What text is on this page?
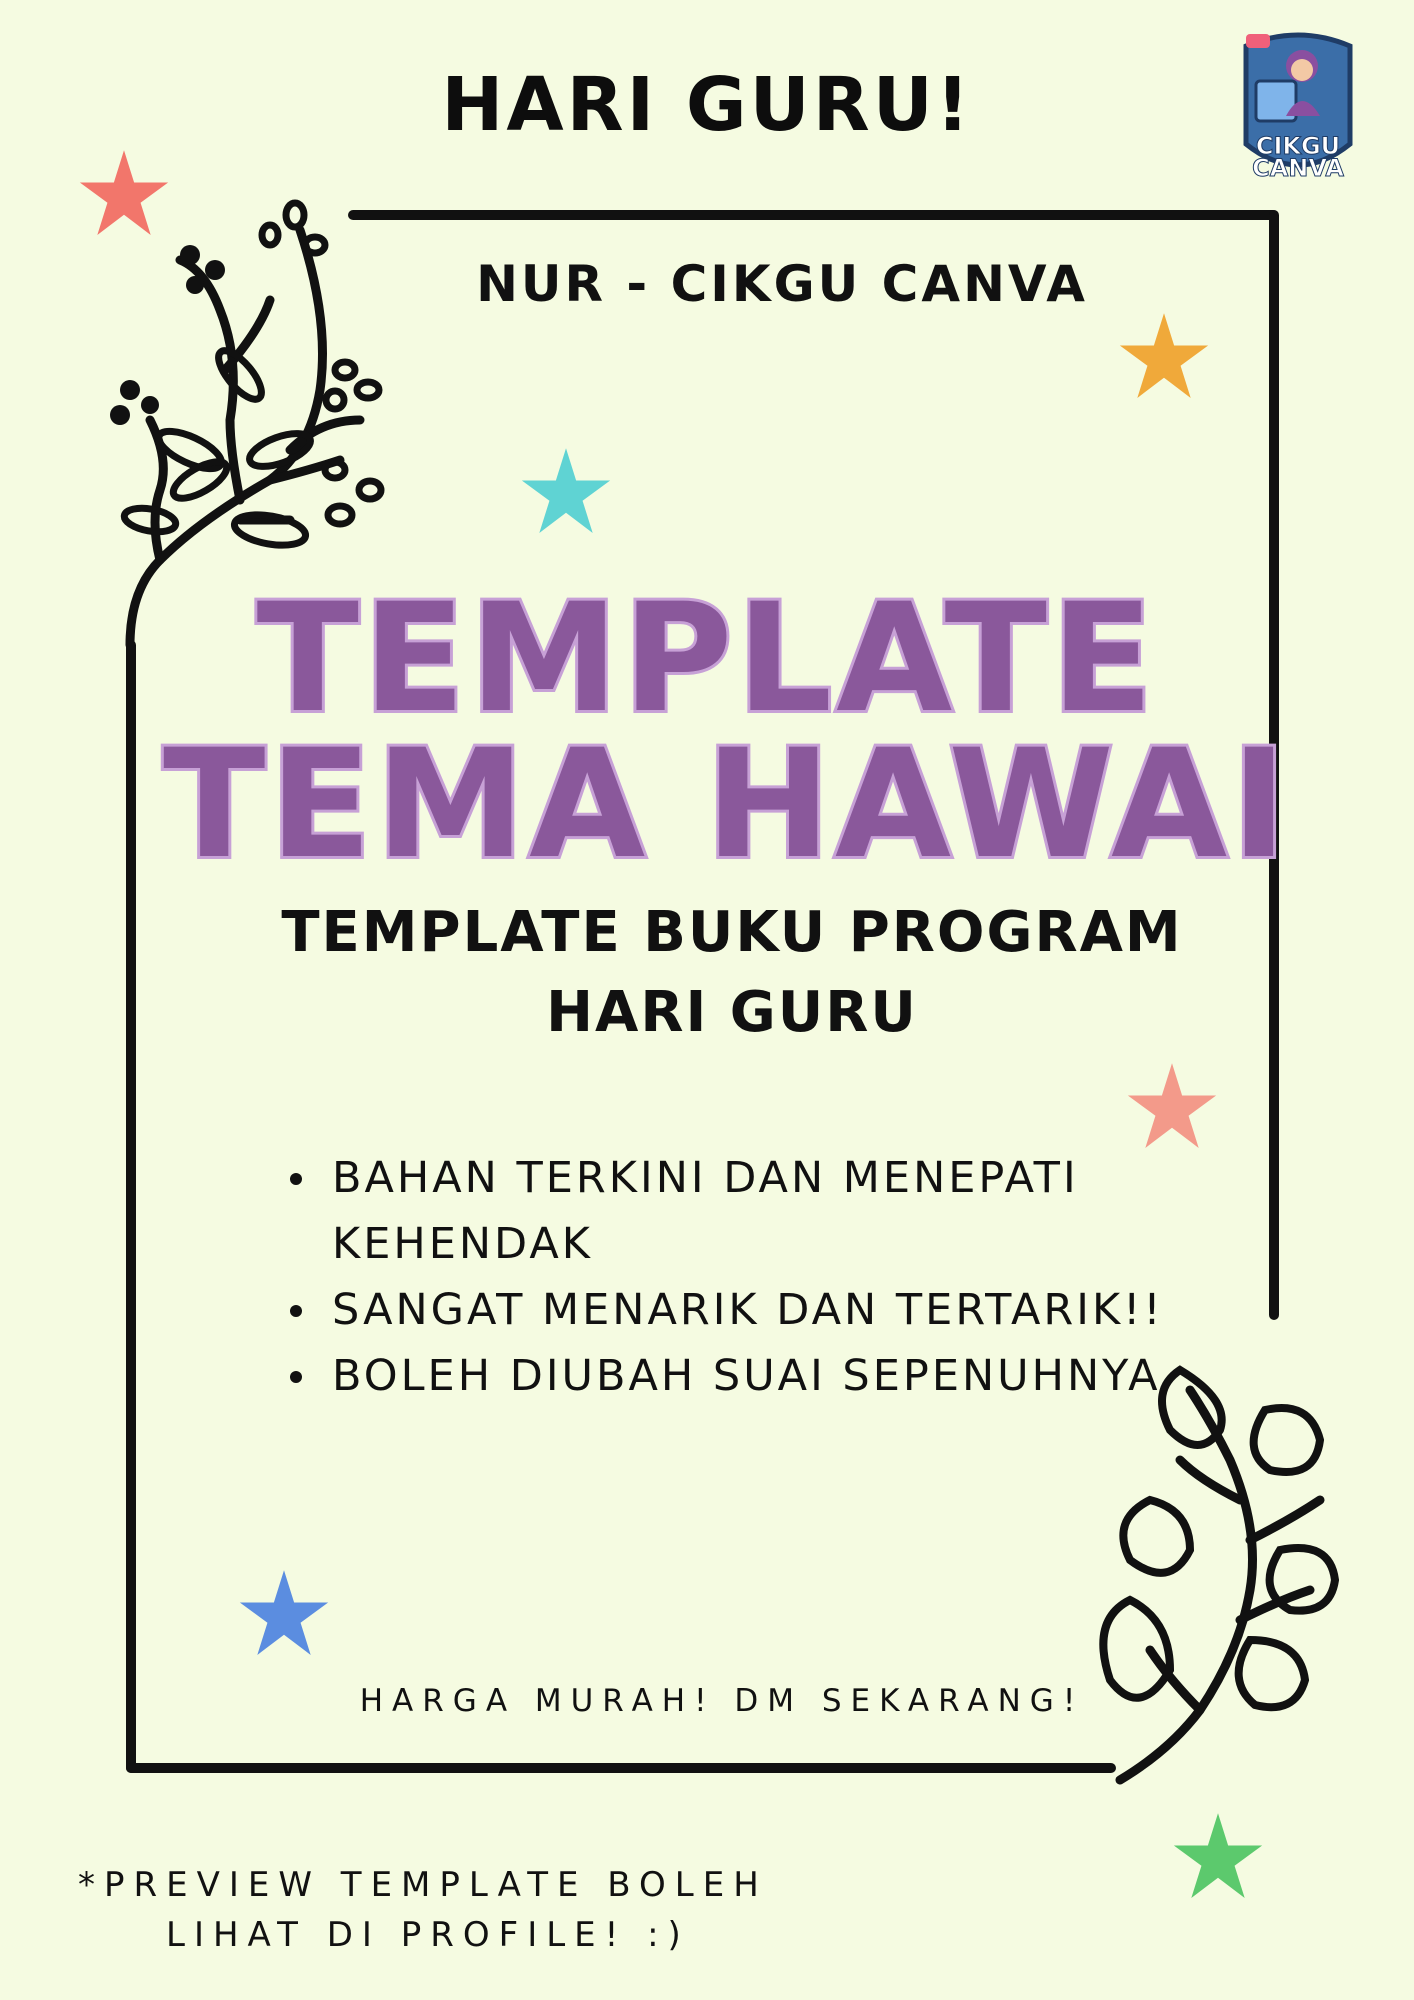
HARI GURU!	CIKGU
CANVA
NUR - CIKGU CANVA
TEMPLATE
TEMA HAWAI
TEMPLATE BUKU PROGRAM
HARI GURU
BAHAN TERKINI DAN MENEPATI KEHENDAK
SANGAT MENARIK DAN TERTARIK!!
BOLEH DIUBAH SUAI SEPENUHNYA
HARGA MURAH! DM SEKARANG!
*PREVIEW TEMPLATE BOLEH
LIHAT DI PROFILE! :)
